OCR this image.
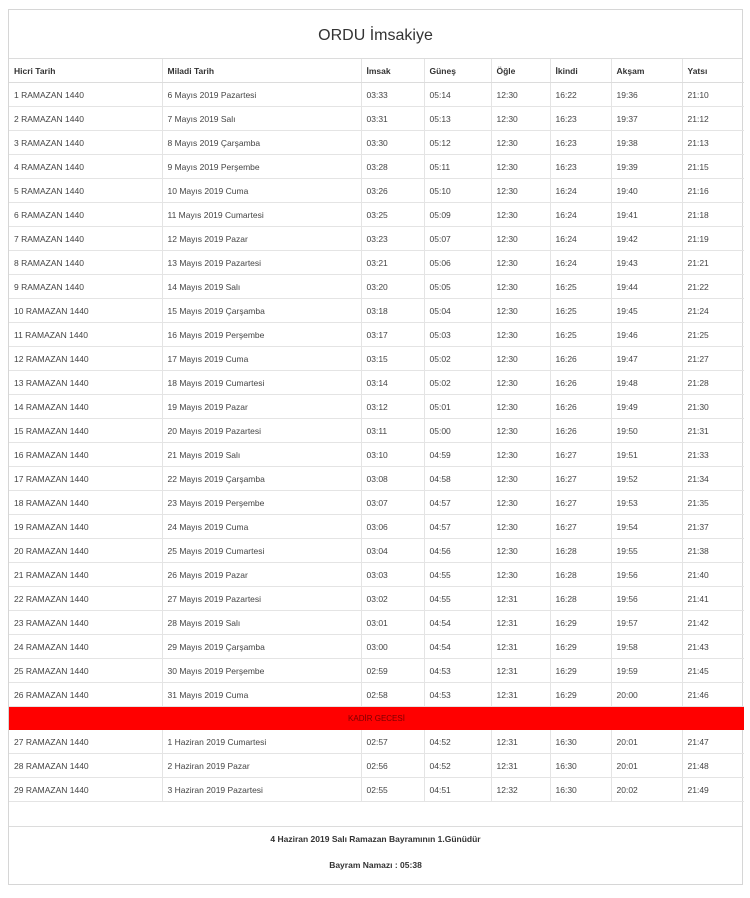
ORDU İmsakiye
Hicri Tarih	Miladi Tarih	İmsak	Güneş	Öğle	İkindi	Akşam	Yatsı
1 RAMAZAN 1440	6 Mayıs 2019 Pazartesi	03:33	05:14	12:30	16:22	19:36	21:10
2 RAMAZAN 1440	7 Mayıs 2019 Salı	03:31	05:13	12:30	16:23	19:37	21:12
3 RAMAZAN 1440	8 Mayıs 2019 Çarşamba	03:30	05:12	12:30	16:23	19:38	21:13
4 RAMAZAN 1440	9 Mayıs 2019 Perşembe	03:28	05:11	12:30	16:23	19:39	21:15
5 RAMAZAN 1440	10 Mayıs 2019 Cuma	03:26	05:10	12:30	16:24	19:40	21:16
6 RAMAZAN 1440	11 Mayıs 2019 Cumartesi	03:25	05:09	12:30	16:24	19:41	21:18
7 RAMAZAN 1440	12 Mayıs 2019 Pazar	03:23	05:07	12:30	16:24	19:42	21:19
8 RAMAZAN 1440	13 Mayıs 2019 Pazartesi	03:21	05:06	12:30	16:24	19:43	21:21
9 RAMAZAN 1440	14 Mayıs 2019 Salı	03:20	05:05	12:30	16:25	19:44	21:22
10 RAMAZAN 1440	15 Mayıs 2019 Çarşamba	03:18	05:04	12:30	16:25	19:45	21:24
11 RAMAZAN 1440	16 Mayıs 2019 Perşembe	03:17	05:03	12:30	16:25	19:46	21:25
12 RAMAZAN 1440	17 Mayıs 2019 Cuma	03:15	05:02	12:30	16:26	19:47	21:27
13 RAMAZAN 1440	18 Mayıs 2019 Cumartesi	03:14	05:02	12:30	16:26	19:48	21:28
14 RAMAZAN 1440	19 Mayıs 2019 Pazar	03:12	05:01	12:30	16:26	19:49	21:30
15 RAMAZAN 1440	20 Mayıs 2019 Pazartesi	03:11	05:00	12:30	16:26	19:50	21:31
16 RAMAZAN 1440	21 Mayıs 2019 Salı	03:10	04:59	12:30	16:27	19:51	21:33
17 RAMAZAN 1440	22 Mayıs 2019 Çarşamba	03:08	04:58	12:30	16:27	19:52	21:34
18 RAMAZAN 1440	23 Mayıs 2019 Perşembe	03:07	04:57	12:30	16:27	19:53	21:35
19 RAMAZAN 1440	24 Mayıs 2019 Cuma	03:06	04:57	12:30	16:27	19:54	21:37
20 RAMAZAN 1440	25 Mayıs 2019 Cumartesi	03:04	04:56	12:30	16:28	19:55	21:38
21 RAMAZAN 1440	26 Mayıs 2019 Pazar	03:03	04:55	12:30	16:28	19:56	21:40
22 RAMAZAN 1440	27 Mayıs 2019 Pazartesi	03:02	04:55	12:31	16:28	19:56	21:41
23 RAMAZAN 1440	28 Mayıs 2019 Salı	03:01	04:54	12:31	16:29	19:57	21:42
24 RAMAZAN 1440	29 Mayıs 2019 Çarşamba	03:00	04:54	12:31	16:29	19:58	21:43
25 RAMAZAN 1440	30 Mayıs 2019 Perşembe	02:59	04:53	12:31	16:29	19:59	21:45
26 RAMAZAN 1440	31 Mayıs 2019 Cuma	02:58	04:53	12:31	16:29	20:00	21:46
KADİR GECESİ							
27 RAMAZAN 1440	1 Haziran 2019 Cumartesi	02:57	04:52	12:31	16:30	20:01	21:47
28 RAMAZAN 1440	2 Haziran 2019 Pazar	02:56	04:52	12:31	16:30	20:01	21:48
29 RAMAZAN 1440	3 Haziran 2019 Pazartesi	02:55	04:51	12:32	16:30	20:02	21:49
4 Haziran 2019 Salı Ramazan Bayramının 1.Günüdür
Bayram Namazı : 05:38
